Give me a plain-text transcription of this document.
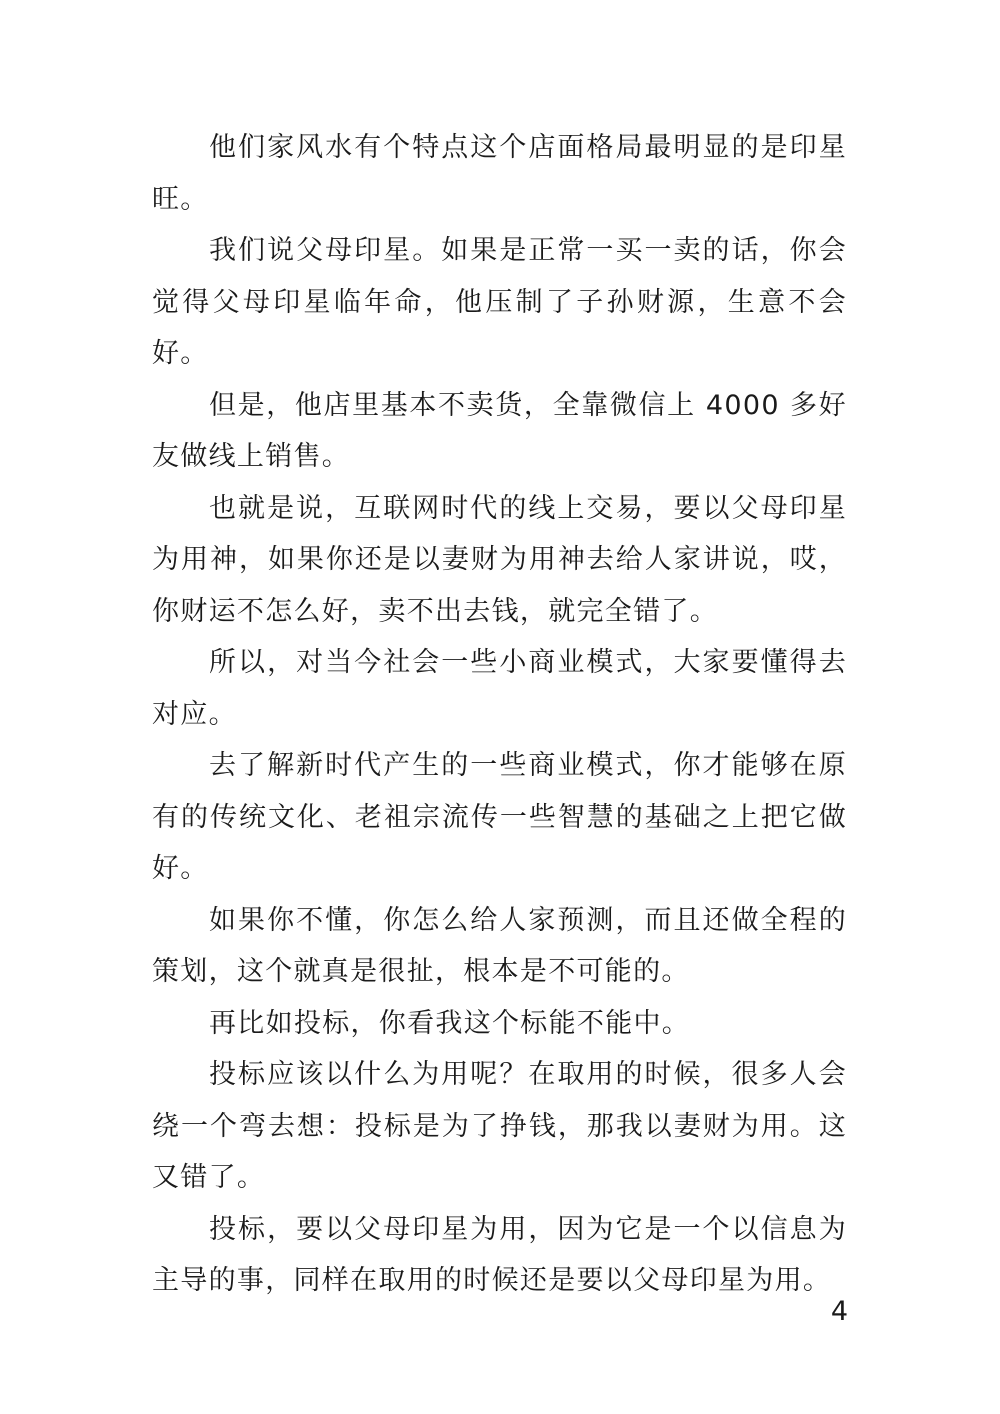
他们家风水有个特点这个店面格局最明显的是印星旺。

我们说父母印星。如果是正常一买一卖的话，你会觉得父母印星临年命，他压制了子孙财源，生意不会好。

但是，他店里基本不卖货，全靠微信上 4000 多好友做线上销售。

也就是说，互联网时代的线上交易，要以父母印星为用神，如果你还是以妻财为用神去给人家讲说，哎，你财运不怎么好，卖不出去钱，就完全错了。

所以，对当今社会一些小商业模式，大家要懂得去对应。

去了解新时代产生的一些商业模式，你才能够在原有的传统文化、老祖宗流传一些智慧的基础之上把它做好。

如果你不懂，你怎么给人家预测，而且还做全程的策划，这个就真是很扯，根本是不可能的。

再比如投标，你看我这个标能不能中。

投标应该以什么为用呢？在取用的时候，很多人会绕一个弯去想：投标是为了挣钱，那我以妻财为用。这又错了。

投标，要以父母印星为用，因为它是一个以信息为主导的事，同样在取用的时候还是要以父母印星为用。

4
